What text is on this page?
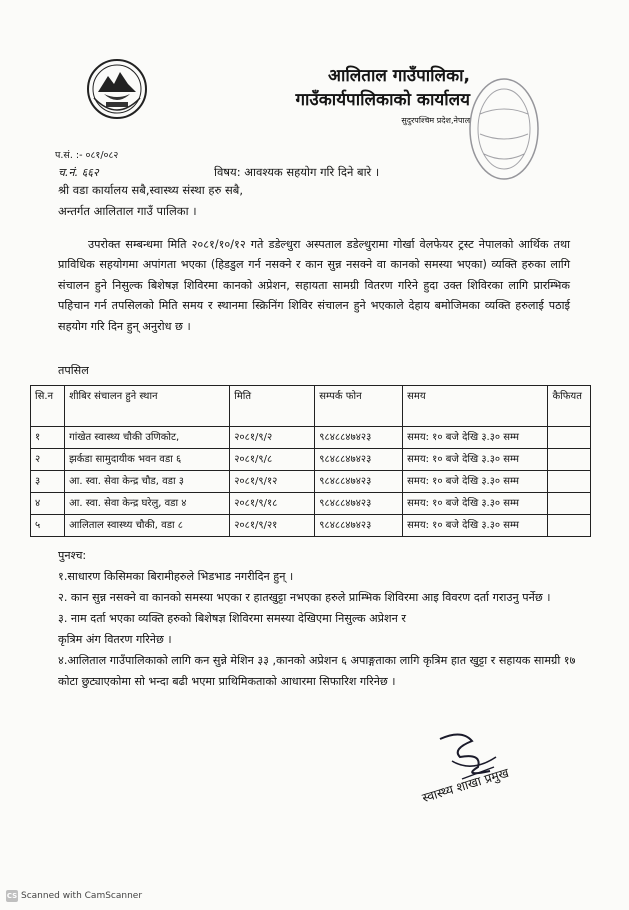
आलिताल गाउँपालिका,
गाउँकार्यपालिकाको कार्यालय
सुदुरपश्चिम प्रदेश,नेपाल
प.सं. :- ०८१/०८२
च.नं. ६६२	विषय: आवश्यक सहयोग गरि दिने बारे ।
श्री वडा कार्यालय सबै,स्वास्थ्य संस्था हरु सबै,
अन्तर्गत आलिताल गाउँ पालिका ।
उपरोक्त सम्बन्धमा मिति २०८१/१०/१२ गते डडेल्धुरा अस्पताल डडेल्धुरामा गोर्खा वेलफेयर ट्रस्ट नेपालको आर्थिक तथा प्राविधिक सहयोगमा अपांगता भएका (हिडडुल गर्न नसक्ने र कान सुन्न नसक्ने वा कानको समस्या भएका) व्यक्ति हरुका लागि संचालन हुने निसुल्क बिशेषज्ञ शिविरमा कानको अप्रेशन, सहायता सामग्री वितरण गरिने हुदा उक्त शिविरका लागि प्रारम्भिक पहिचान गर्न तपसिलको मिति समय र स्थानमा स्क्रिनिंग शिविर संचालन हुने भएकाले देहाय बमोजिमका व्यक्ति हरुलाई पठाई सहयोग गरि दिन हुन् अनुरोध छ ।
तपसिल
सि.न	शीबिर संचालन हुने स्थान	मिति	सम्पर्क फोन	समय	कैफियत
१	गांखेत स्वास्थ्य चौकी उणिकोट,	२०८१/९/२	९८४८८४७४२३	समय: १० बजे देखि ३.३० सम्म	
२	झर्कडा सामुदायीक भवन वडा ६	२०८१/९/८	९८४८८४७४२३	समय: १० बजे देखि ३.३० सम्म	
३	आ. स्वा. सेवा केन्द्र चौड, वडा ३	२०८१/९/१२	९८४८८४७४२३	समय: १० बजे देखि ३.३० सम्म	
४	आ. स्वा. सेवा केन्द्र घरेलु, वडा ४	२०८१/९/१८	९८४८८४७४२३	समय: १० बजे देखि ३.३० सम्म	
५	आलिताल स्वास्थ्य चौकी, वडा ८	२०८१/९/२१	९८४८८४७४२३	समय: १० बजे देखि ३.३० सम्म	

पुनश्च:

१.साधारण किसिमका बिरामीहरुले भिडभाड नगरीदिन हुन् ।

२. कान सुन्न नसक्ने वा कानको समस्या भएका र हातखुट्टा नभएका हरुले प्राम्भिक शिविरमा आइ विवरण दर्ता गराउनु पर्नेछ ।

३. नाम दर्ता भएका व्यक्ति हरुको बिशेषज्ञ शिविरमा समस्या देखिएमा निसुल्क अप्रेशन र

कृत्रिम अंग वितरण गरिनेछ ।

४.आलिताल गाउँपालिकाको लागि कन सुन्ने मेशिन ३३ ,कानको अप्रेशन ६ अपाङ्गताका लागि कृत्रिम हात खुट्टा र सहायक सामग्री १७ कोटा छुट्याएकोमा सो भन्दा बढी भएमा प्राथिमिकताको आधारमा सिफारिश गरिनेछ ।

स्वास्थ्य शाखा प्रमुख
CS Scanned with CamScanner
